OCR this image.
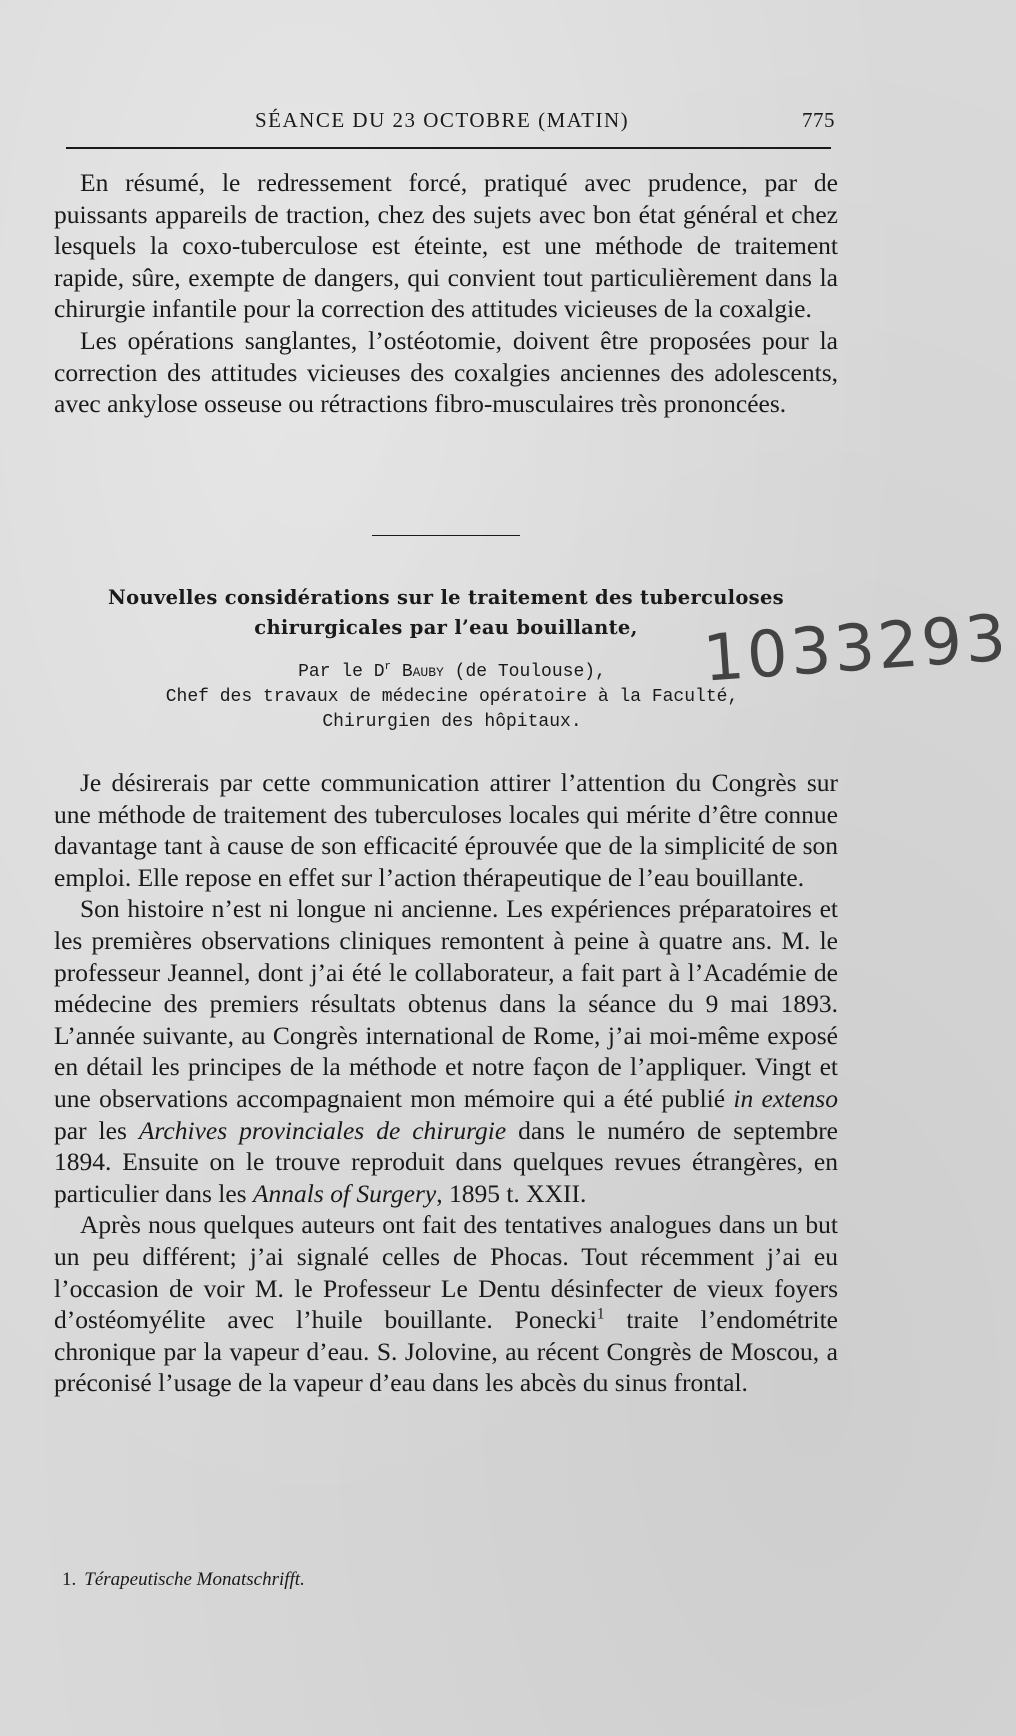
SÉANCE DU 23 OCTOBRE (MATIN)	775

En résumé, le redressement forcé, pratiqué avec prudence, par de puissants appareils de traction, chez des sujets avec bon état général et chez lesquels la coxo-tuberculose est éteinte, est une méthode de traitement rapide, sûre, exempte de dangers, qui convient tout particulièrement dans la chirurgie infantile pour la correction des attitudes vicieuses de la coxalgie.

Les opérations sanglantes, l’ostéotomie, doivent être proposées pour la correction des attitudes vicieuses des coxalgies anciennes des adolescents, avec ankylose osseuse ou rétractions fibro-musculaires très prononcées.

Nouvelles considérations sur le traitement des tuberculoses
chirurgicales par l’eau bouillante,
Par le $D^r$ Bauby (de Toulouse),
Chef des travaux de médecine opératoire à la Faculté,
Chirurgien des hôpitaux.
1033293

Je désirerais par cette communication attirer l’attention du Congrès sur une méthode de traitement des tuberculoses locales qui mérite d’être connue davantage tant à cause de son efficacité éprouvée que de la simplicité de son emploi. Elle repose en effet sur l’action thérapeutique de l’eau bouillante.

Son histoire n’est ni longue ni ancienne. Les expériences préparatoires et les premières observations cliniques remontent à peine à quatre ans. M. le professeur Jeannel, dont j’ai été le collaborateur, a fait part à l’Académie de médecine des premiers résultats obtenus dans la séance du 9 mai 1893. L’année suivante, au Congrès international de Rome, j’ai moi-même exposé en détail les principes de la méthode et notre façon de l’appliquer. Vingt et une observations accompagnaient mon mémoire qui a été publié in extenso par les Archives provinciales de chirurgie dans le numéro de septembre 1894. Ensuite on le trouve reproduit dans quelques revues étrangères, en particulier dans les Annals of Surgery, 1895 t. XXII.

Après nous quelques auteurs ont fait des tentatives analogues dans un but un peu différent; j’ai signalé celles de Phocas. Tout récemment j’ai eu l’occasion de voir M. le Professeur Le Dentu désinfecter de vieux foyers d’ostéomyélite avec l’huile bouillante. Ponecki$^1$ traite l’endométrite chronique par la vapeur d’eau. S. Jolovine, au récent Congrès de Moscou, a préconisé l’usage de la vapeur d’eau dans les abcès du sinus frontal.

1. Térapeutische Monatschrifft.
